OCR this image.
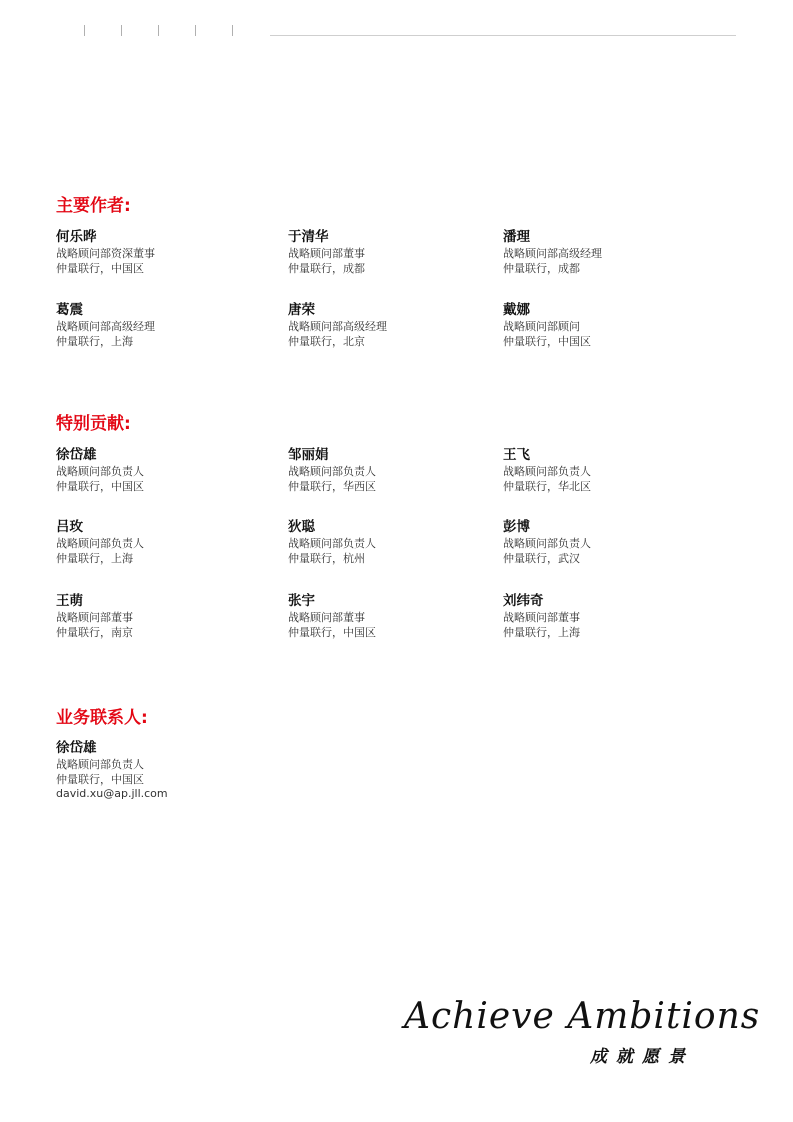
主要作者:
何乐晔
战略顾问部资深董事
仲量联行，中国区
于清华
战略顾问部董事
仲量联行，成都
潘理
战略顾问部高级经理
仲量联行，成都
葛震
战略顾问部高级经理
仲量联行，上海
唐荣
战略顾问部高级经理
仲量联行，北京
戴娜
战略顾问部顾问
仲量联行，中国区
特别贡献:
徐岱雄
战略顾问部负责人
仲量联行，中国区
邹丽娟
战略顾问部负责人
仲量联行，华西区
王飞
战略顾问部负责人
仲量联行，华北区
吕玫
战略顾问部负责人
仲量联行，上海
狄聪
战略顾问部负责人
仲量联行，杭州
彭博
战略顾问部负责人
仲量联行，武汉
王萌
战略顾问部董事
仲量联行，南京
张宇
战略顾问部董事
仲量联行，中国区
刘纬奇
战略顾问部董事
仲量联行，上海
业务联系人:
徐岱雄
战略顾问部负责人
仲量联行，中国区
david.xu@ap.jll.com
Achieve Ambitions
成就愿景
